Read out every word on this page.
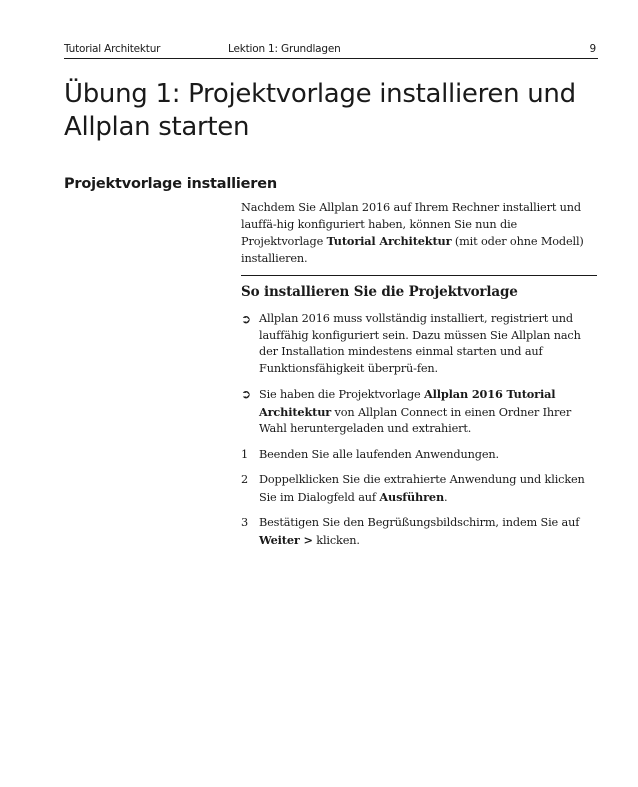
Tutorial Architektur	Lektion 1: Grundlagen	9
Übung 1: Projektvorlage installieren und Allplan starten
Projektvorlage installieren

Nachdem Sie Allplan 2016 auf Ihrem Rechner installiert und lauffä-hig konfiguriert haben, können Sie nun die Projektvorlage Tutorial Architektur (mit oder ohne Modell) installieren.

So installieren Sie die Projektvorlage
➲ Allplan 2016 muss vollständig installiert, registriert und lauffähig konfiguriert sein. Dazu müssen Sie Allplan nach der Installation mindestens einmal starten und auf Funktionsfähigkeit überprü-fen.

➲ Sie haben die Projektvorlage Allplan 2016 Tutorial Architektur von Allplan Connect in einen Ordner Ihrer Wahl heruntergeladen und extrahiert.

1 Beenden Sie alle laufenden Anwendungen.

2 Doppelklicken Sie die extrahierte Anwendung und klicken Sie im Dialogfeld auf Ausführen.

3 Bestätigen Sie den Begrüßungsbildschirm, indem Sie auf Weiter > klicken.
